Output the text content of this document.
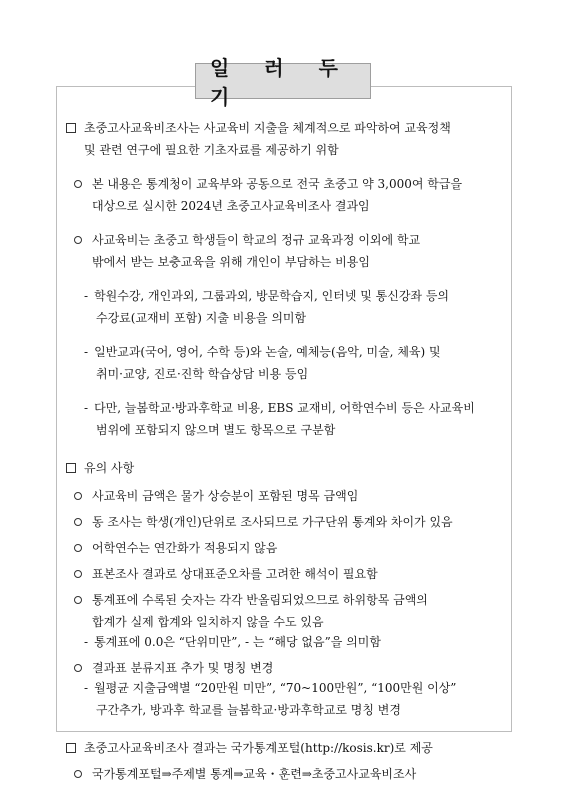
일 러 두 기
초중고사교육비조사는 사교육비 지출을 체계적으로 파악하여 교육정책
및 관련 연구에 필요한 기초자료를 제공하기 위함
본 내용은 통계청이 교육부와 공동으로 전국 초중고 약 3,000여 학급을
대상으로 실시한 2024년 초중고사교육비조사 결과임
사교육비는 초중고 학생들이 학교의 정규 교육과정 이외에 학교
밖에서 받는 보충교육을 위해 개인이 부담하는 비용임
- 학원수강, 개인과외, 그룹과외, 방문학습지, 인터넷 및 통신강좌 등의
수강료(교재비 포함) 지출 비용을 의미함
- 일반교과(국어, 영어, 수학 등)와 논술, 예체능(음악, 미술, 체육) 및
취미·교양, 진로·진학 학습상담 비용 등임
- 다만, 늘봄학교·방과후학교 비용, EBS 교재비, 어학연수비 등은 사교육비
범위에 포함되지 않으며 별도 항목으로 구분함
유의 사항
사교육비 금액은 물가 상승분이 포함된 명목 금액임
동 조사는 학생(개인)단위로 조사되므로 가구단위 통계와 차이가 있음
어학연수는 연간화가 적용되지 않음
표본조사 결과로 상대표준오차를 고려한 해석이 필요함
통계표에 수록된 숫자는 각각 반올림되었으므로 하위항목 금액의
합계가 실제 합계와 일치하지 않을 수도 있음
- 통계표에 0.0은 “단위미만”, - 는 “해당 없음”을 의미함
결과표 분류지표 추가 및 명칭 변경
- 월평균 지출금액별 “20만원 미만”, “70~100만원”, “100만원 이상”
구간추가, 방과후 학교를 늘봄학교·방과후학교로 명칭 변경
초중고사교육비조사 결과는 국가통계포털(http://kosis.kr)로 제공
국가통계포털⇒주제별 통계⇒교육・훈련⇒초중고사교육비조사
